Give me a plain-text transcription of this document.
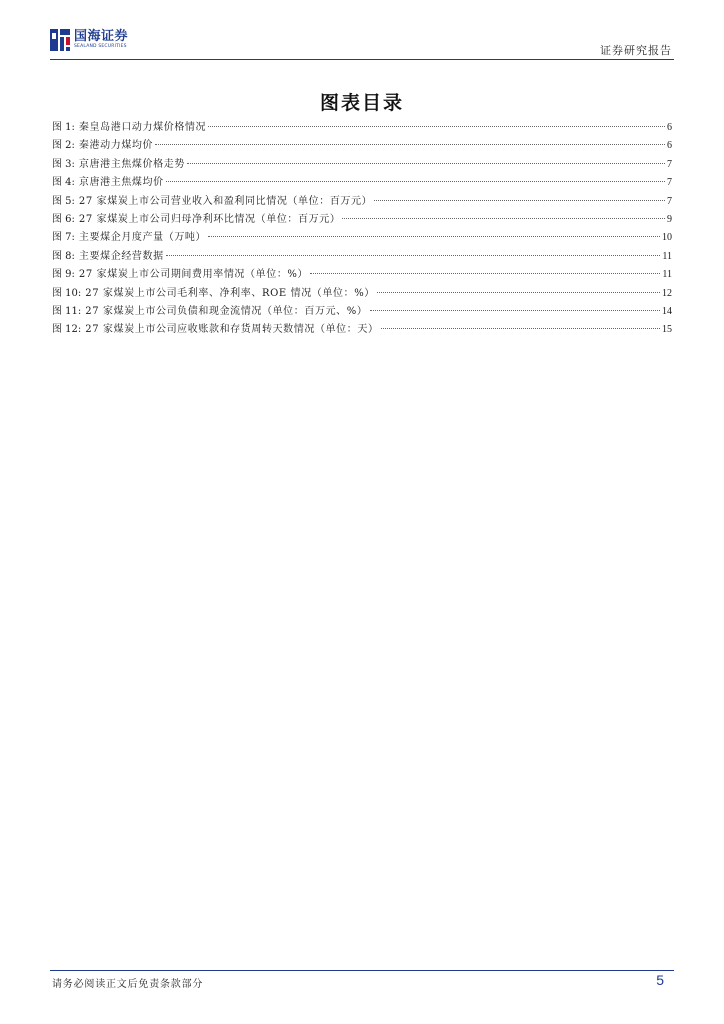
国海证券
SEALAND SECURITIES	证券研究报告
图表目录
图 1: 秦皇岛港口动力煤价格情况	6
图 2: 秦港动力煤均价	6
图 3: 京唐港主焦煤价格走势	7
图 4: 京唐港主焦煤均价	7
图 5: 27 家煤炭上市公司营业收入和盈利同比情况（单位：百万元）	7
图 6: 27 家煤炭上市公司归母净利环比情况（单位：百万元）	9
图 7: 主要煤企月度产量（万吨）	10
图 8: 主要煤企经营数据	11
图 9: 27 家煤炭上市公司期间费用率情况（单位：%）	11
图 10: 27 家煤炭上市公司毛利率、净利率、ROE 情况（单位：%）	12
图 11: 27 家煤炭上市公司负债和现金流情况（单位：百万元、%）	14
图 12: 27 家煤炭上市公司应收账款和存货周转天数情况（单位：天）	15
请务必阅读正文后免责条款部分	5
